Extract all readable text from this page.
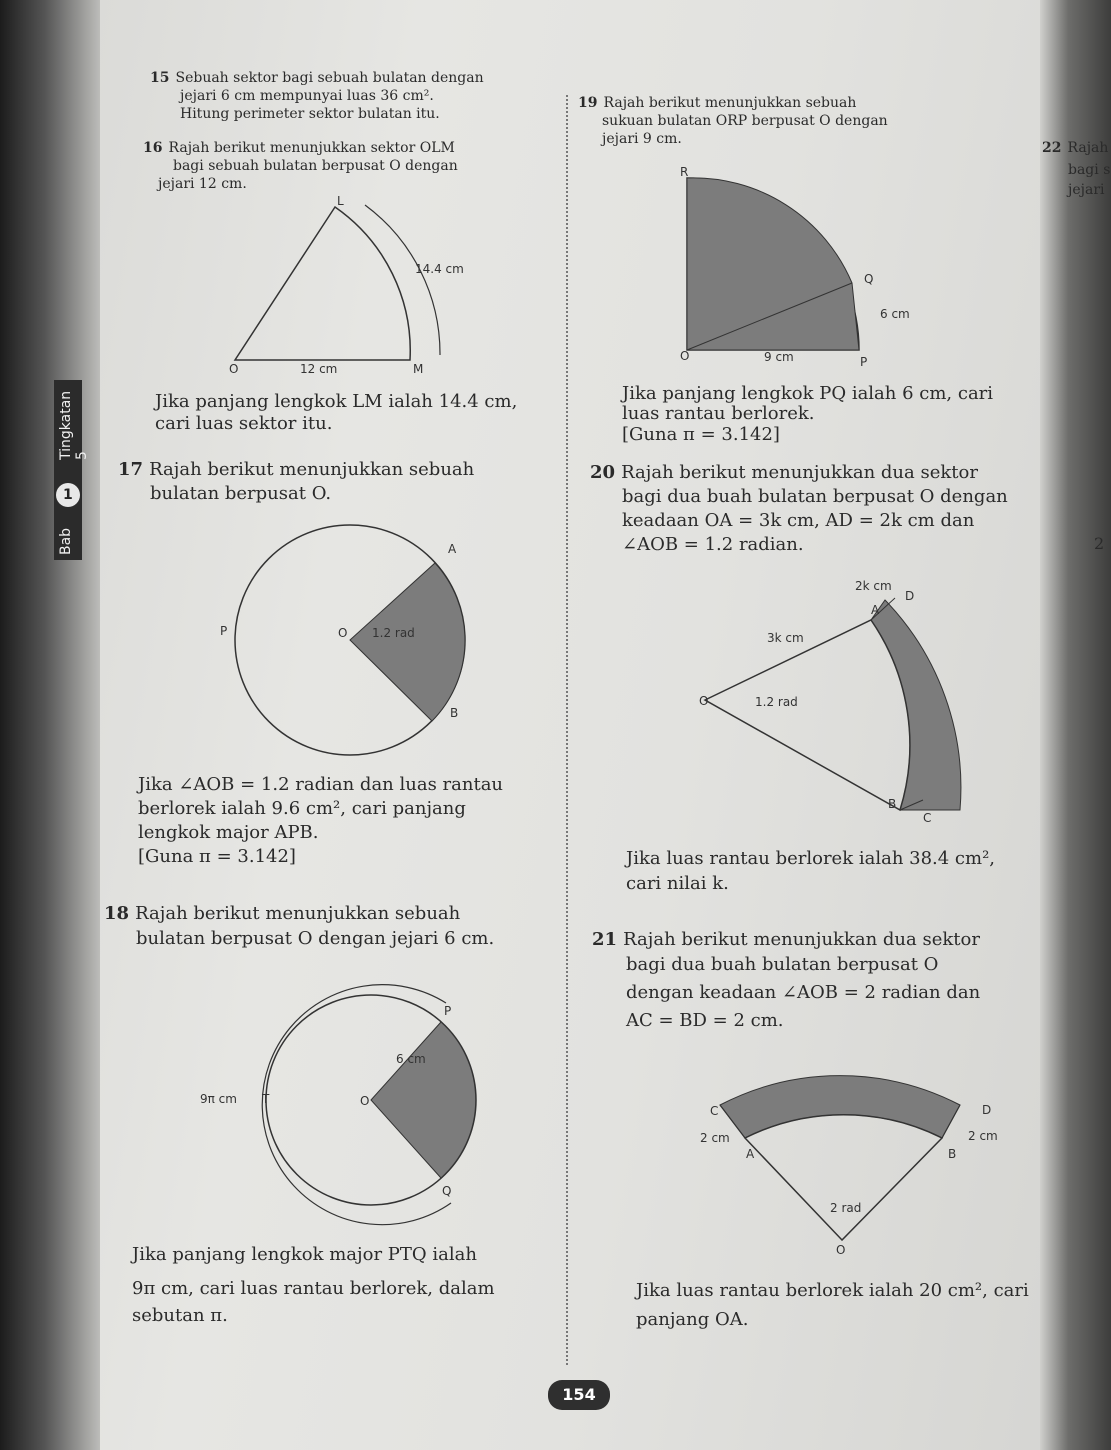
Tingkatan 5
1
Bab

15 Sebuah sektor bagi sebuah bulatan dengan

jejari 6 cm mempunyai luas 36 cm².

Hitung perimeter sektor bulatan itu.

16 Rajah berikut menunjukkan sektor OLM

bagi sebuah bulatan berpusat O dengan

jejari 12 cm.

L
O	M
14.4 cm
12 cm

Jika panjang lengkok LM ialah 14.4 cm,

cari luas sektor itu.

17 Rajah berikut menunjukkan sebuah

bulatan berpusat O.

A
P	O
B
1.2 rad

Jika ∠AOB = 1.2 radian dan luas rantau

berlorek ialah 9.6 cm², cari panjang

lengkok major APB.

[Guna π = 3.142]

18 Rajah berikut menunjukkan sebuah

bulatan berpusat O dengan jejari 6 cm.

P
T	O
Q
6 cm
9π cm

Jika panjang lengkok major PTQ ialah

9π cm, cari luas rantau berlorek, dalam

sebutan π.

19 Rajah berikut menunjukkan sebuah

sukuan bulatan ORP berpusat O dengan

jejari 9 cm.

R
Q
O	P
6 cm
9 cm

Jika panjang lengkok PQ ialah 6 cm, cari

luas rantau berlorek.

[Guna π = 3.142]

20 Rajah berikut menunjukkan dua sektor

bagi dua buah bulatan berpusat O dengan

keadaan OA = 3k cm, AD = 2k cm dan

∠AOB = 1.2 radian.

D
A
O
B
C
2k cm
3k cm
1.2 rad

Jika luas rantau berlorek ialah 38.4 cm²,

cari nilai k.

21 Rajah berikut menunjukkan dua sektor

bagi dua buah bulatan berpusat O

dengan keadaan ∠AOB = 2 radian dan

AC = BD = 2 cm.

C	D
A	B
O
2 cm	2 cm
2 rad

Jika luas rantau berlorek ialah 20 cm², cari

panjang OA.

22 Rajah

bagi s

jejari

2

154
